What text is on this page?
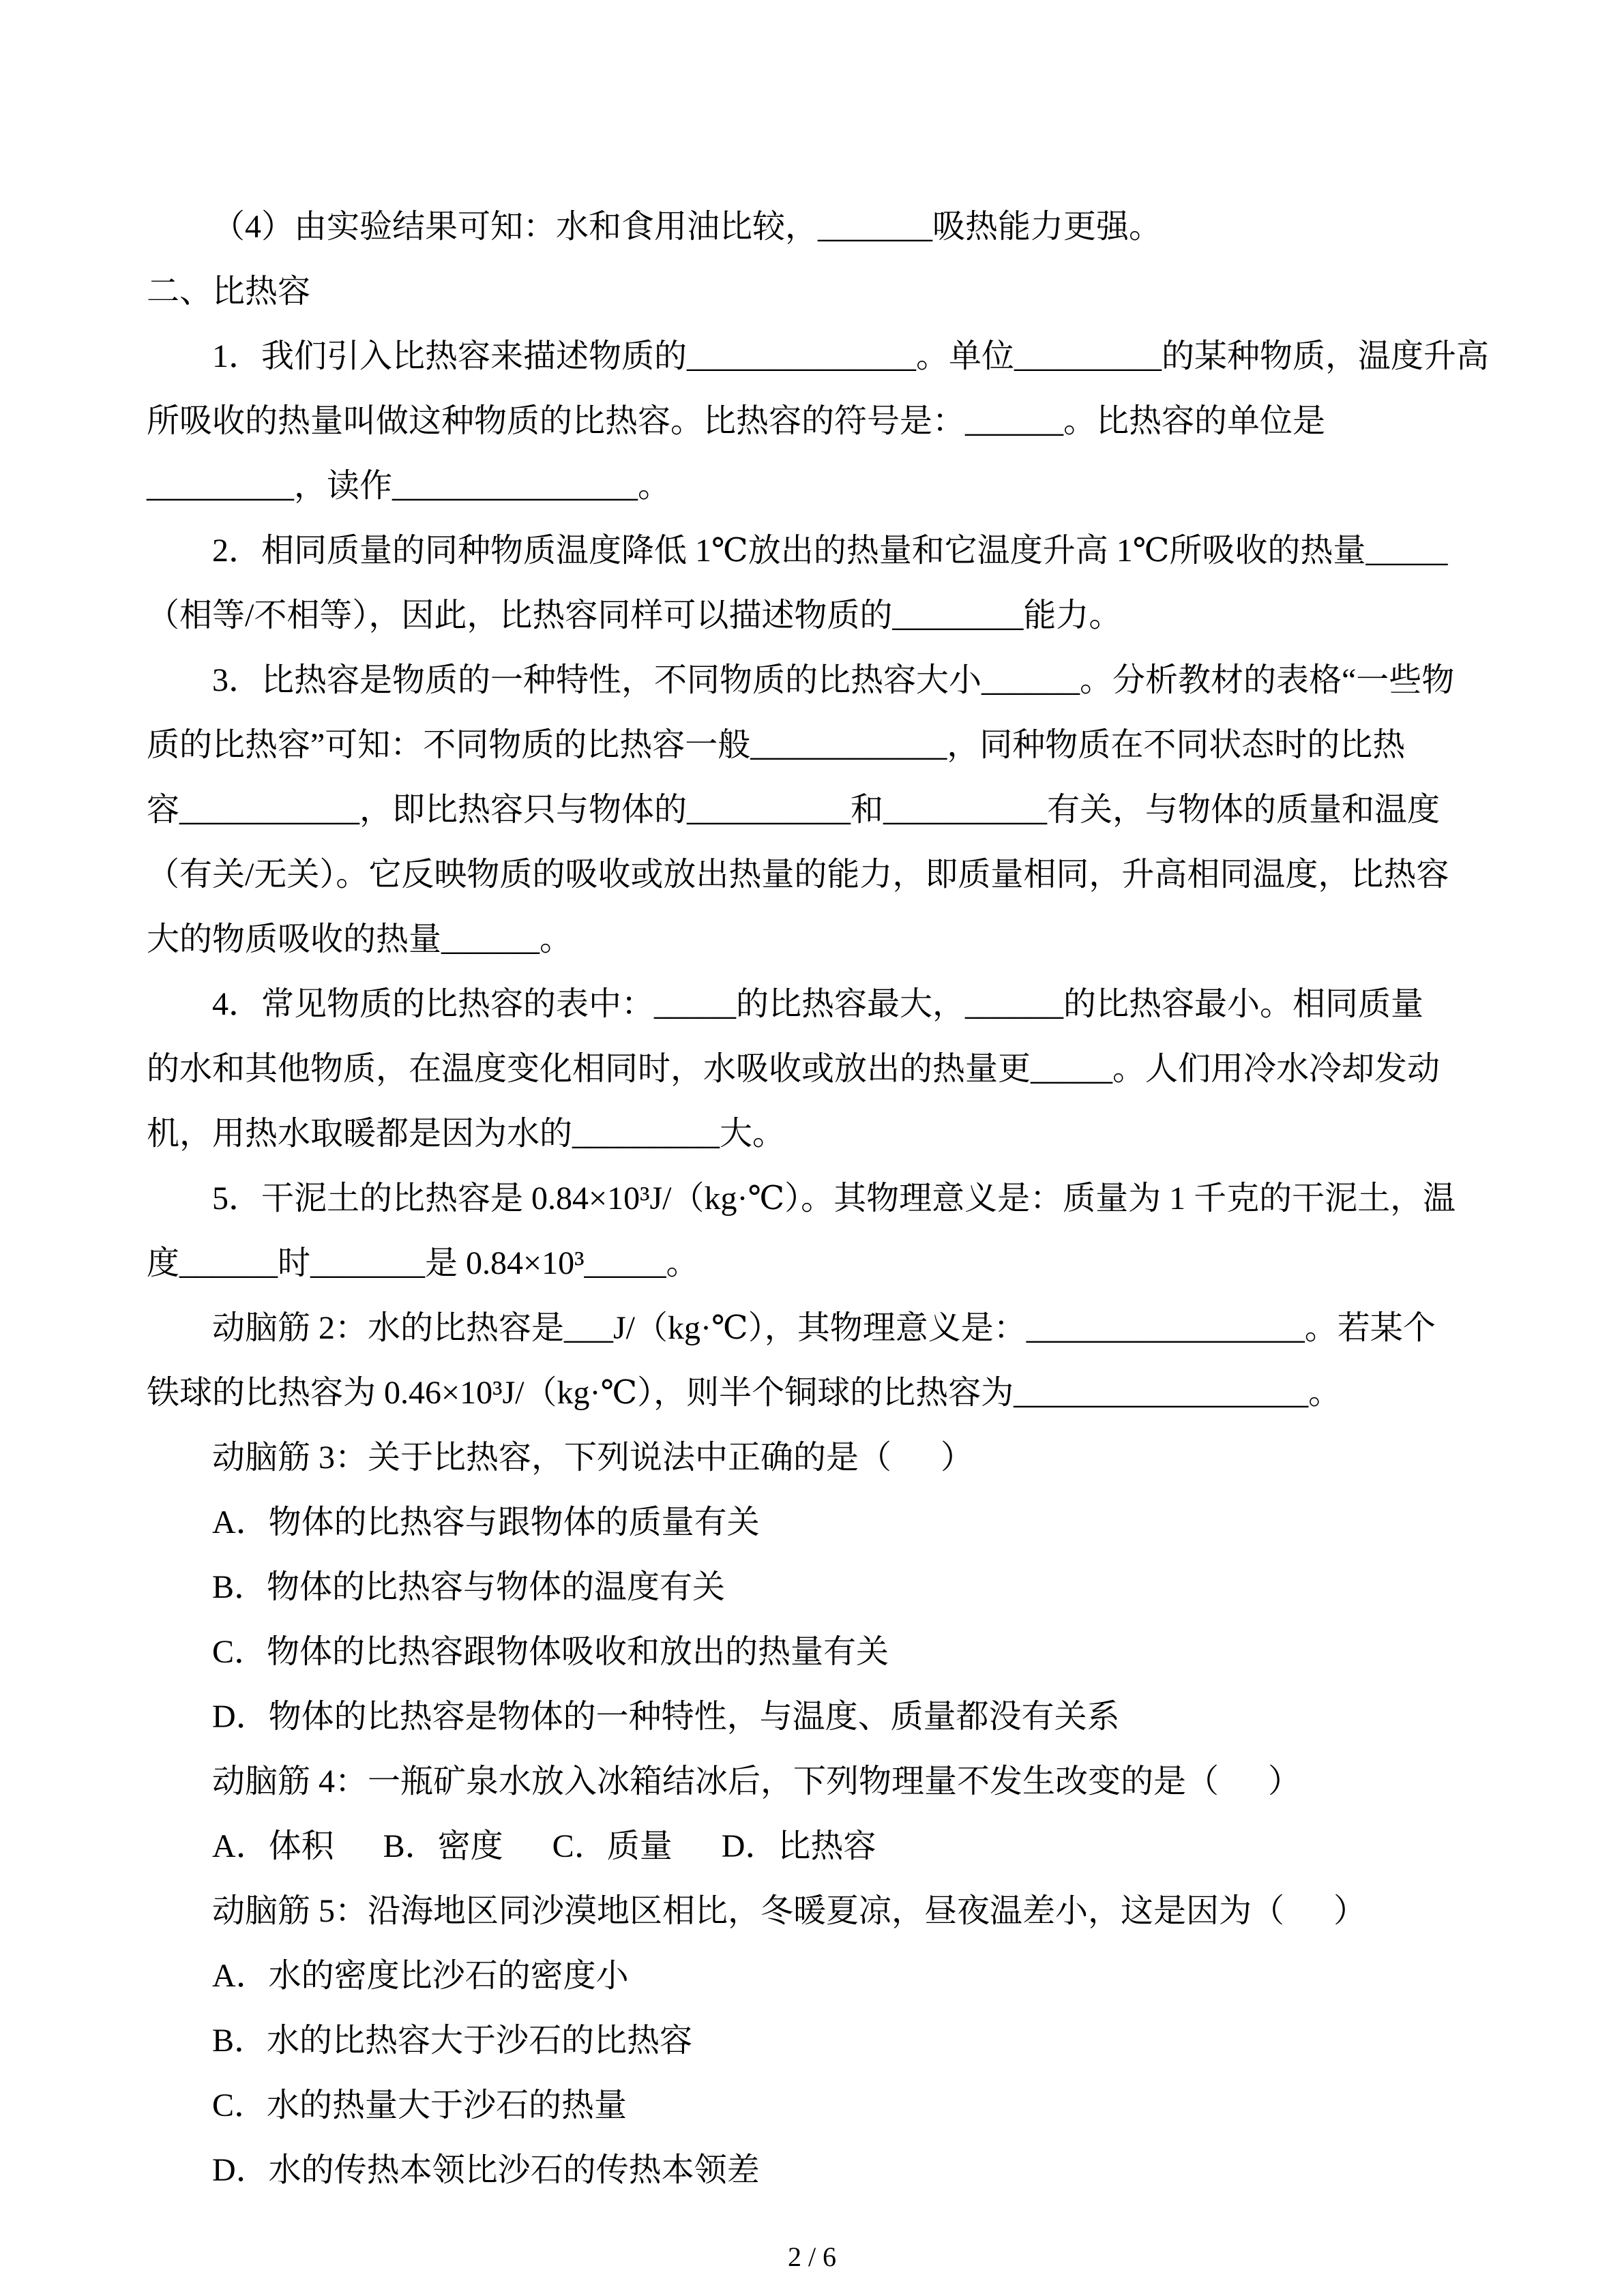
（4）由实验结果可知：水和食用油比较，_______吸热能力更强。
二、比热容
1．我们引入比热容来描述物质的______________。单位_________的某种物质，温度升高
所吸收的热量叫做这种物质的比热容。比热容的符号是：______。比热容的单位是
_________，读作_______________。
2．相同质量的同种物质温度降低 1℃放出的热量和它温度升高 1℃所吸收的热量_____
（相等/不相等），因此，比热容同样可以描述物质的________能力。
3．比热容是物质的一种特性，不同物质的比热容大小______。分析教材的表格“一些物
质的比热容”可知：不同物质的比热容一般____________，同种物质在不同状态时的比热
容___________，即比热容只与物体的__________和__________有关，与物体的质量和温度
（有关/无关）。它反映物质的吸收或放出热量的能力，即质量相同，升高相同温度，比热容
大的物质吸收的热量______。
4．常见物质的比热容的表中：_____的比热容最大，______的比热容最小。相同质量
的水和其他物质，在温度变化相同时，水吸收或放出的热量更_____。人们用冷水冷却发动
机，用热水取暖都是因为水的_________大。
5．干泥土的比热容是 0.84×10³J/（kg·℃）。其物理意义是：质量为 1 千克的干泥土，温
度______时_______是 0.84×10³_____。
动脑筋 2：水的比热容是___J/（kg·℃），其物理意义是：_________________。若某个
铁球的比热容为 0.46×10³J/（kg·℃），则半个铜球的比热容为__________________。
动脑筋 3：关于比热容，下列说法中正确的是（      ）
A．物体的比热容与跟物体的质量有关
B．物体的比热容与物体的温度有关
C．物体的比热容跟物体吸收和放出的热量有关
D．物体的比热容是物体的一种特性，与温度、质量都没有关系
动脑筋 4：一瓶矿泉水放入冰箱结冰后，下列物理量不发生改变的是（      ）
A．体积      B．密度      C．质量      D．比热容
动脑筋 5：沿海地区同沙漠地区相比，冬暖夏凉，昼夜温差小，这是因为（      ）
A．水的密度比沙石的密度小
B．水的比热容大于沙石的比热容
C．水的热量大于沙石的热量
D．水的传热本领比沙石的传热本领差
2 / 6
